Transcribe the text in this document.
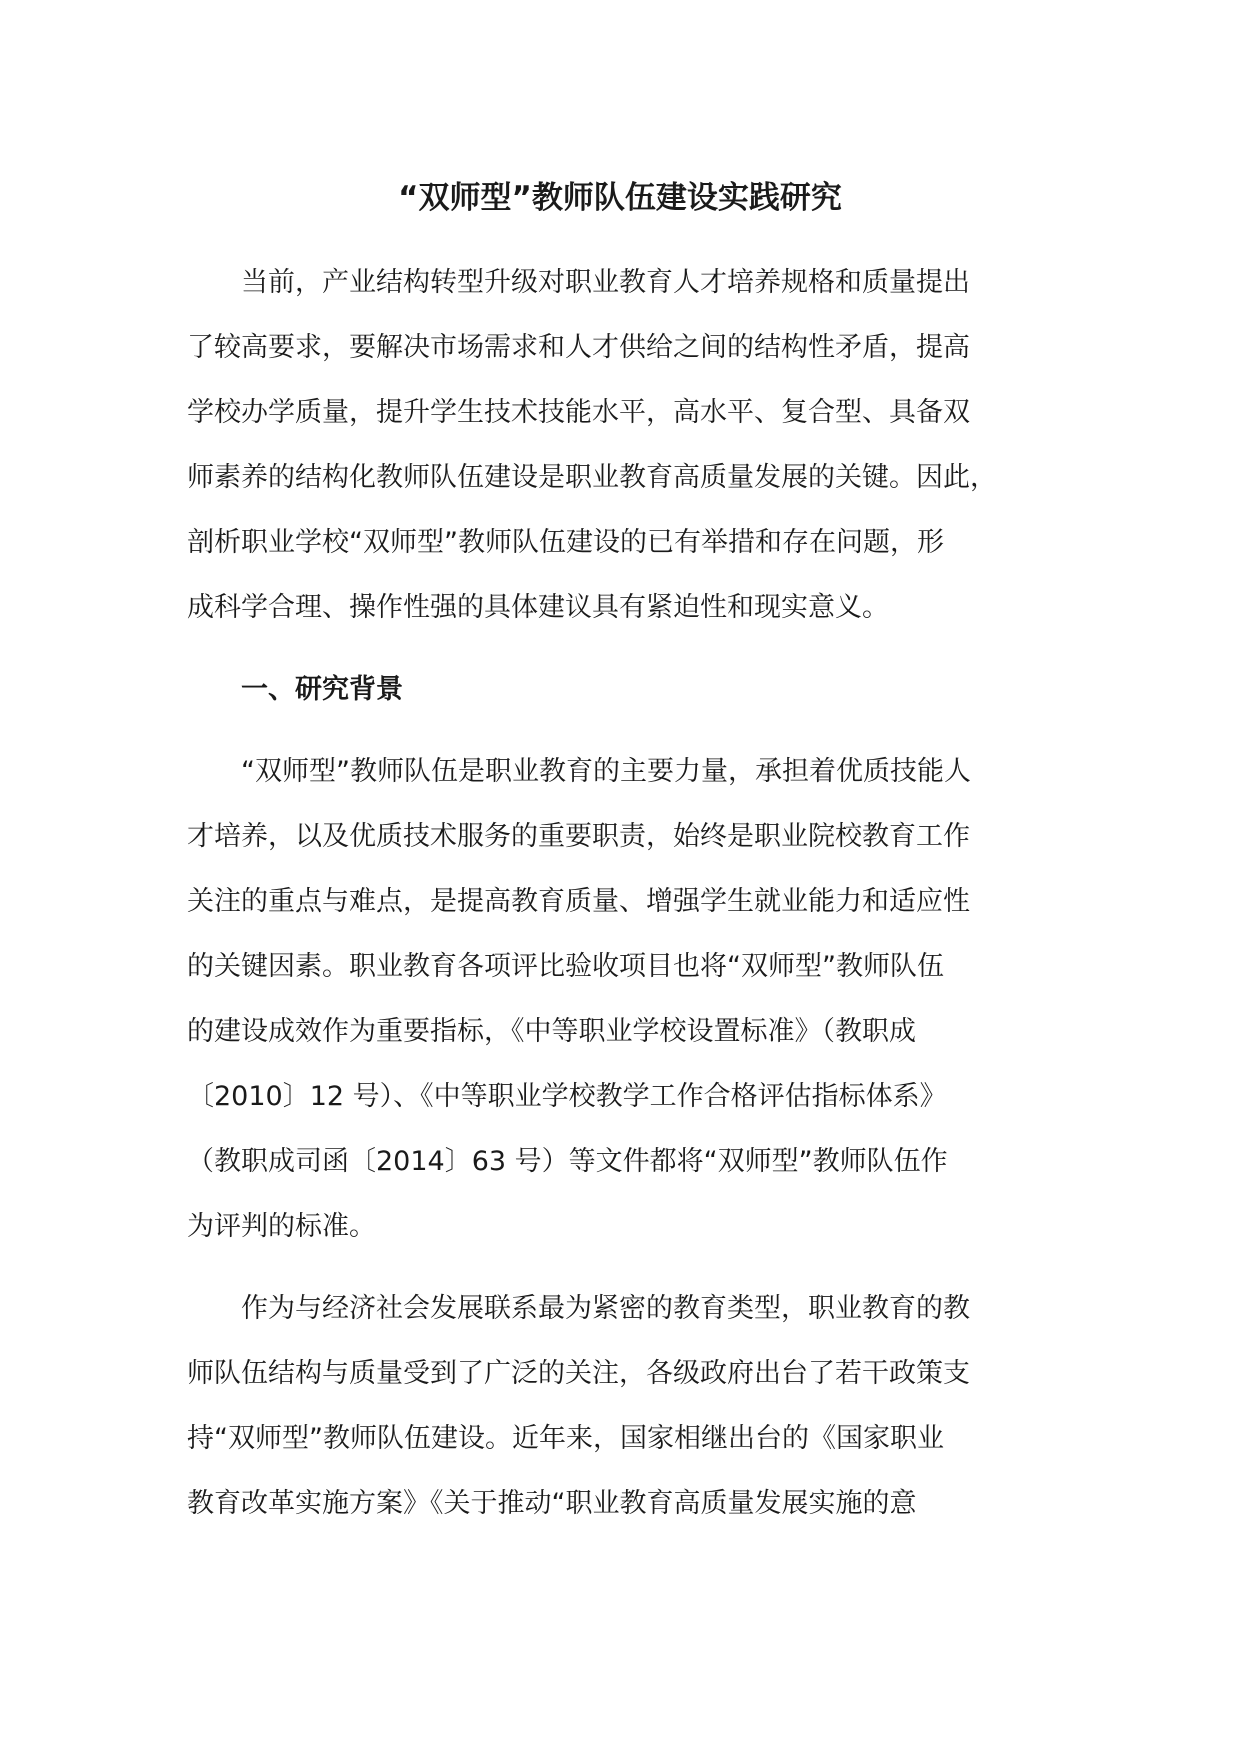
“双师型”教师队伍建设实践研究
当前，产业结构转型升级对职业教育人才培养规格和质量提出
了较高要求，要解决市场需求和人才供给之间的结构性矛盾，提高
学校办学质量，提升学生技术技能水平，高水平、复合型、具备双
师素养的结构化教师队伍建设是职业教育高质量发展的关键。因此，
剖析职业学校“双师型”教师队伍建设的已有举措和存在问题，形
成科学合理、操作性强的具体建议具有紧迫性和现实意义。
一、研究背景
“双师型”教师队伍是职业教育的主要力量，承担着优质技能人
才培养，以及优质技术服务的重要职责，始终是职业院校教育工作
关注的重点与难点，是提高教育质量、增强学生就业能力和适应性
的关键因素。职业教育各项评比验收项目也将“双师型”教师队伍
的建设成效作为重要指标，《中等职业学校设置标准》（教职成
〔2010〕12 号）、《中等职业学校教学工作合格评估指标体系》
（教职成司函〔2014〕63 号）等文件都将“双师型”教师队伍作
为评判的标准。
作为与经济社会发展联系最为紧密的教育类型，职业教育的教
师队伍结构与质量受到了广泛的关注，各级政府出台了若干政策支
持“双师型”教师队伍建设。近年来，国家相继出台的《国家职业
教育改革实施方案》《关于推动“职业教育高质量发展实施的意
